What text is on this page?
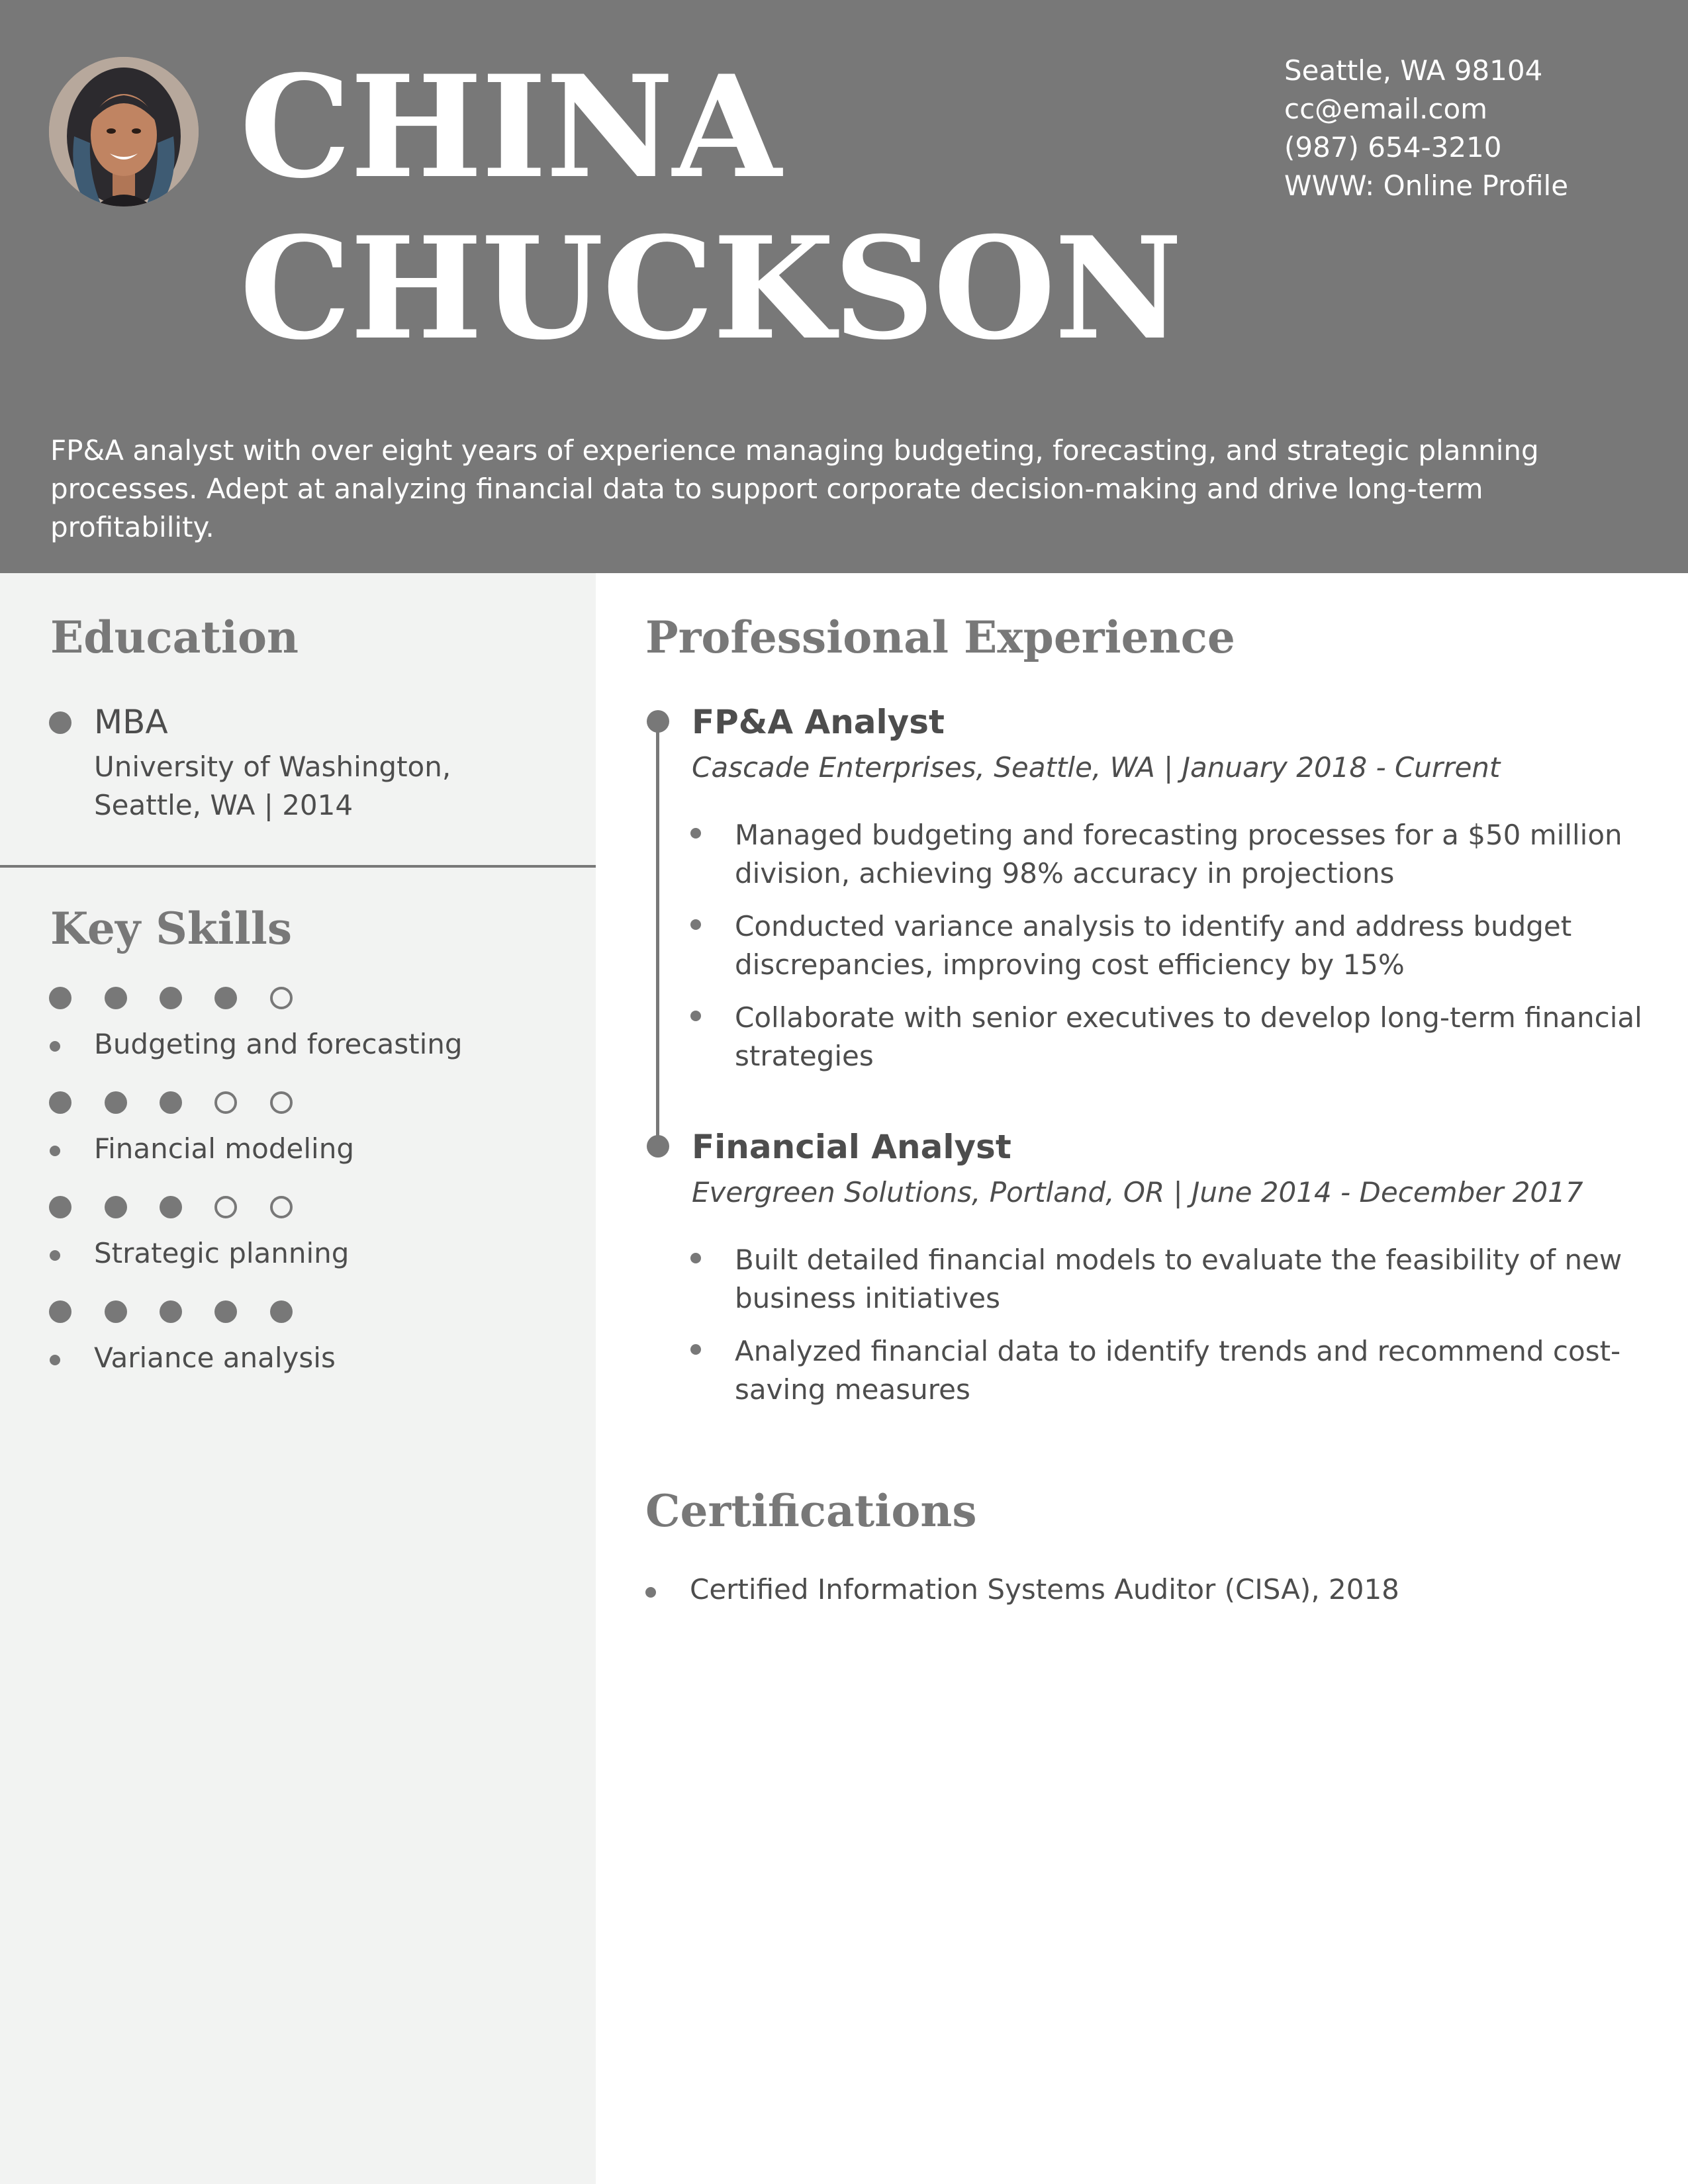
CHINA
CHUCKSON
Seattle, WA 98104
cc@email.com
(987) 654-3210
WWW: Online Profile
FP&A analyst with over eight years of experience managing budgeting, forecasting, and strategic planning processes. Adept at analyzing financial data to support corporate decision-making and drive long-term profitability.
Education
MBA
University of Washington,
Seattle, WA | 2014
Key Skills
Budgeting and forecasting
Financial modeling
Strategic planning
Variance analysis
Professional Experience
FP&A Analyst
Cascade Enterprises, Seattle, WA | January 2018 - Current
Managed budgeting and forecasting processes for a $50 million division, achieving 98% accuracy in projections
Conducted variance analysis to identify and address budget discrepancies, improving cost efficiency by 15%
Collaborate with senior executives to develop long-term financial strategies
Financial Analyst
Evergreen Solutions, Portland, OR | June 2014 - December 2017
Built detailed financial models to evaluate the feasibility of new business initiatives
Analyzed financial data to identify trends and recommend cost-saving measures
Certifications
Certified Information Systems Auditor (CISA), 2018
